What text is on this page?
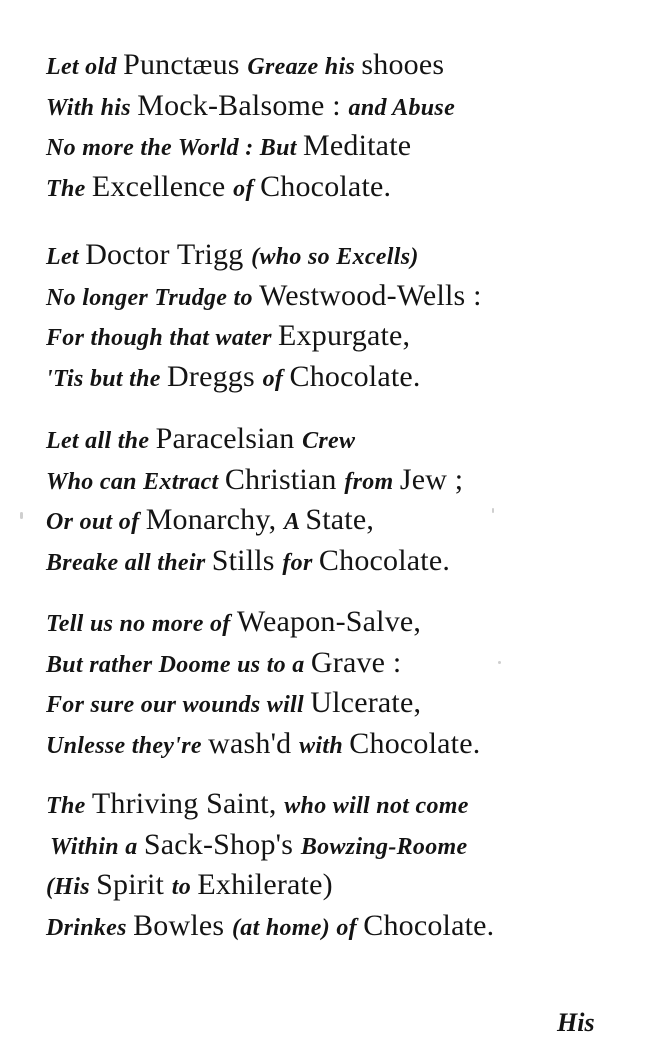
Let old Punctæus Greaze his shooes
With his Mock-Balsome : and Abuse
No more the World : But Meditate
The Excellence of Chocolate.
Let Doctor Trigg (who so Excells)
No longer Trudge to Westwood-Wells :
For though that water Expurgate,
'Tis but the Dreggs of Chocolate.
Let all the Paracelsian Crew
Who can Extract Christian from Jew ;
Or out of Monarchy, A State,
Breake all their Stills for Chocolate.
Tell us no more of Weapon-Salve,
But rather Doome us to a Grave :
For sure our wounds will Ulcerate,
Unlesse they're wash'd with Chocolate.
The Thriving Saint, who will not come
Within a Sack-Shop's Bowzing-Roome
(His Spirit to Exhilerate)
Drinkes Bowles (at home) of Chocolate.
His
